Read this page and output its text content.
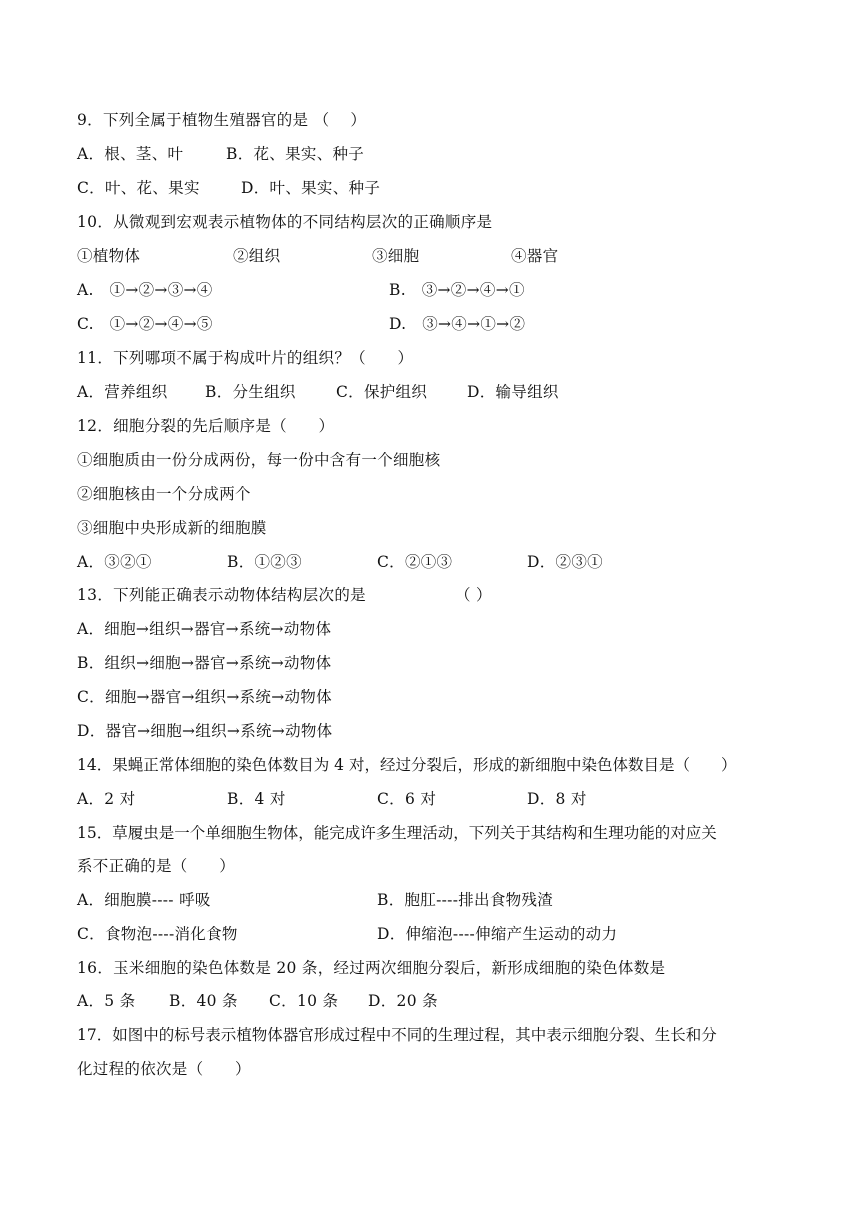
9．下列全属于植物生殖器官的是 （　 ）

A．根、茎、叶

	B．花、果实、种子

C．叶、花、果实

	D．叶、果实、种子

10．从微观到宏观表示植物体的不同结构层次的正确顺序是

①植物体

	②组织

	③细胞

	④器官

A.　①→②→③→④

	B.　③→②→④→①

C.　①→②→④→⑤

	D.　③→④→①→②

11．下列哪项不属于构成叶片的组织？（　　）

A．营养组织

B．分生组织

	C．保护组织

	D．输导组织

12．细胞分裂的先后顺序是（　　）
①细胞质由一份分成两份，每一份中含有一个细胞核
②细胞核由一个分成两个
③细胞中央形成新的细胞膜

A．③②①

	B．①②③

	C．②①③

	D．②③①

13．下列能正确表示动物体结构层次的是

	（ ）

A．细胞→组织→器官→系统→动物体
B．组织→细胞→器官→系统→动物体
C．细胞→器官→组织→系统→动物体
D．器官→细胞→组织→系统→动物体
14．果蝇正常体细胞的染色体数目为 4 对，经过分裂后，形成的新细胞中染色体数目是（　　）

A．2 对

	B．4 对

	C．6 对

	D．8 对

15．草履虫是一个单细胞生物体，能完成许多生理活动，下列关于其结构和生理功能的对应关
系不正确的是（　　）

A．细胞膜---- 呼吸

	B．胞肛----排出食物残渣

C．食物泡----消化食物

	D．伸缩泡----伸缩产生运动的动力

16．玉米细胞的染色体数是 20 条，经过两次细胞分裂后，新形成细胞的染色体数是

A．5 条

B．40 条

C．10 条

D．20 条

17．如图中的标号表示植物体器官形成过程中不同的生理过程，其中表示细胞分裂、生长和分
化过程的依次是（　　）
